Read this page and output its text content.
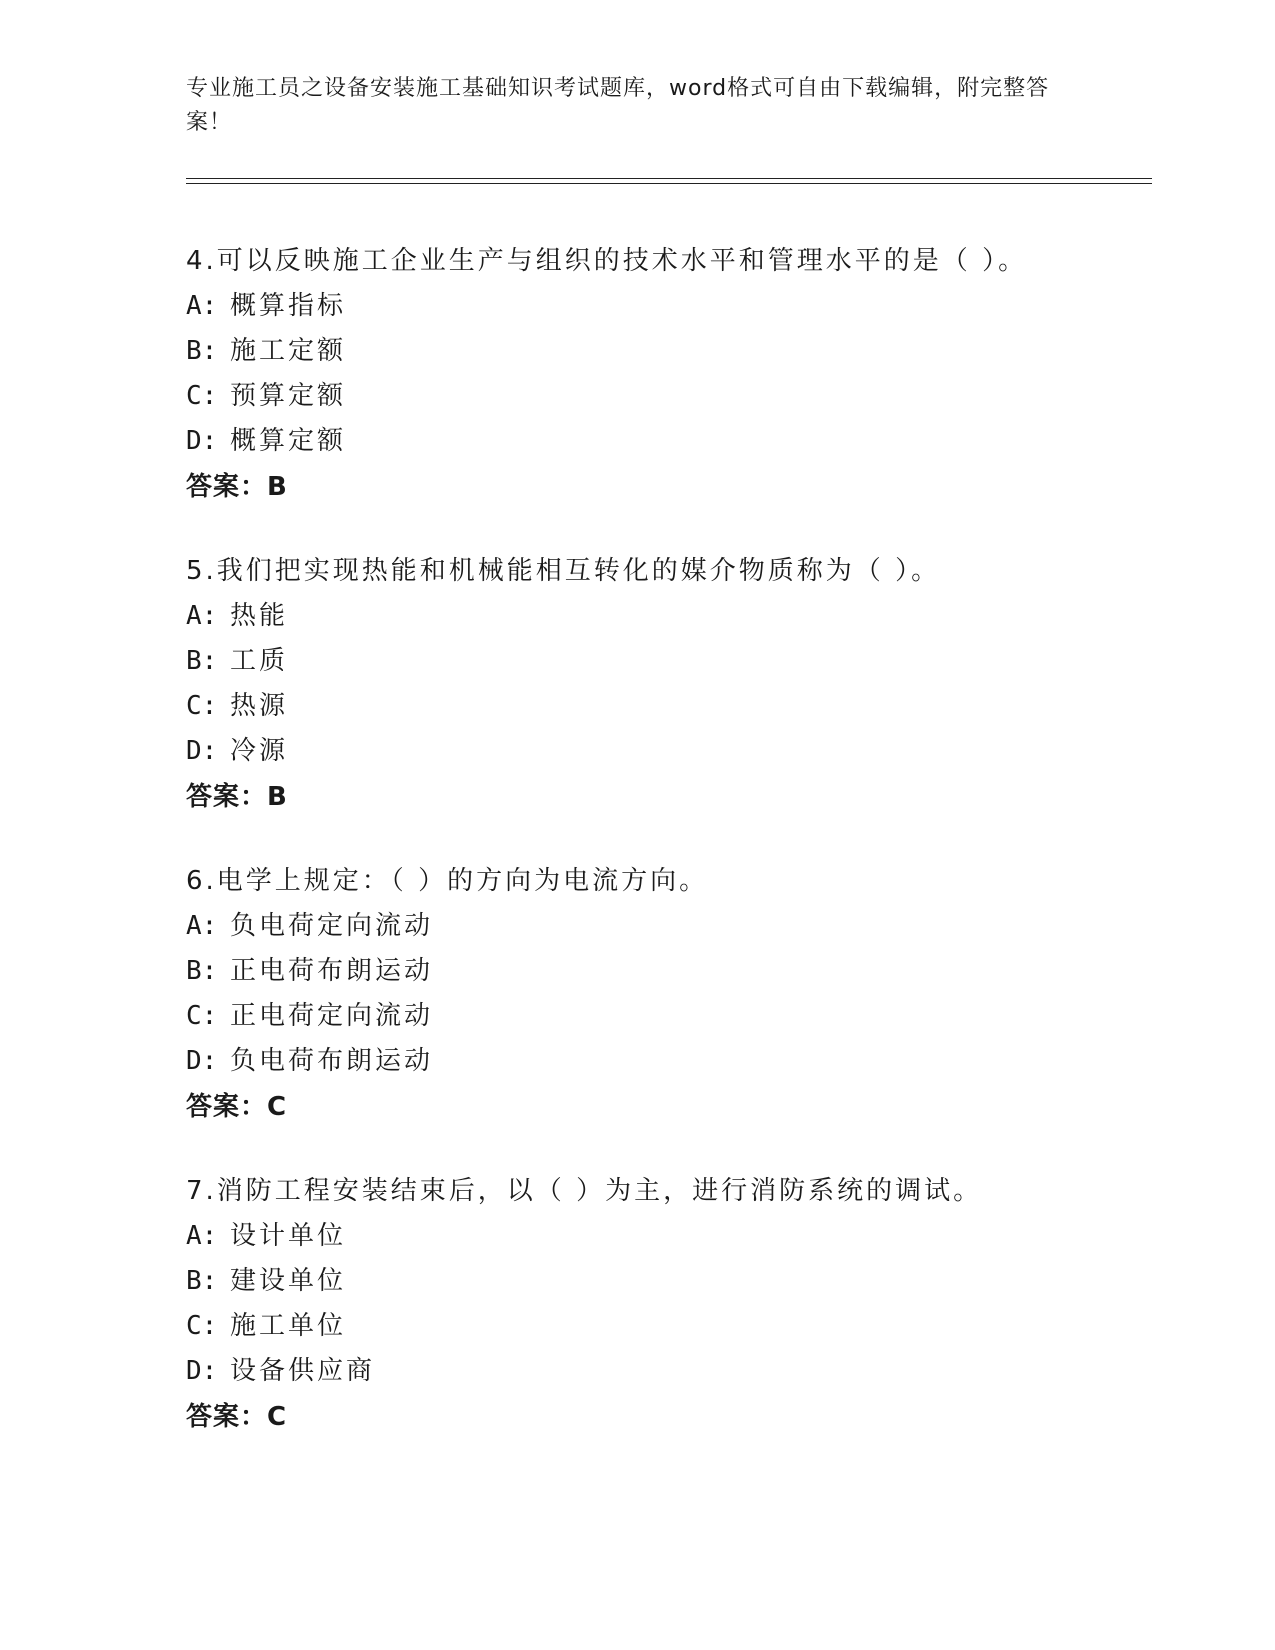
专业施工员之设备安装施工基础知识考试题库，word格式可自由下载编辑，附完整答案！
4.可以反映施工企业生产与组织的技术水平和管理水平的是（ ）。
A: 概算指标
B: 施工定额
C: 预算定额
D: 概算定额
答案：B
5.我们把实现热能和机械能相互转化的媒介物质称为（ ）。
A: 热能
B: 工质
C: 热源
D: 冷源
答案：B
6.电学上规定：（ ）的方向为电流方向。
A: 负电荷定向流动
B: 正电荷布朗运动
C: 正电荷定向流动
D: 负电荷布朗运动
答案：C
7.消防工程安装结束后，以（ ）为主，进行消防系统的调试。
A: 设计单位
B: 建设单位
C: 施工单位
D: 设备供应商
答案：C
